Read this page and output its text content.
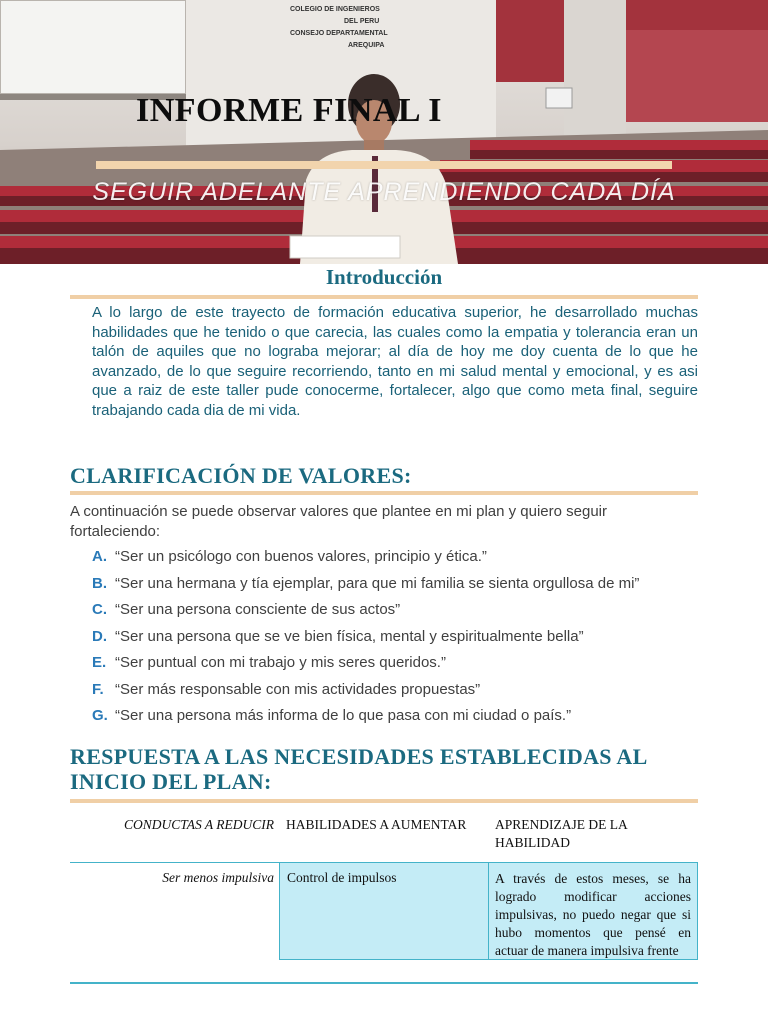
COLEGIO DE INGENIEROS
DEL PERU
CONSEJO DEPARTAMENTAL
AREQUIPA
INFORME FINAL I
SEGUIR ADELANTE APRENDIENDO CADA DÍA
Introducción

A lo largo de este trayecto de formación educativa superior, he desarrollado muchas habilidades que he tenido o que carecia, las cuales como la empatia y tolerancia eran un talón de aquiles que no lograba mejorar; al día de hoy me doy cuenta de lo que he avanzado, de lo que seguire recorriendo, tanto en mi salud mental y emocional, y es asi que a raiz de este taller pude conocerme, fortalecer, algo que como meta final, seguire trabajando cada dia de mi vida.

CLARIFICACIÓN DE VALORES:

A continuación se puede observar valores que plantee en mi plan y quiero seguir fortaleciendo:

A. “Ser un psicólogo con buenos valores, principio y ética.”
B. “Ser una hermana y tía ejemplar, para que mi familia se sienta orgullosa de mi”
C. “Ser una persona consciente de sus actos”
D. “Ser una persona que se ve bien física, mental y espiritualmente bella”
E. “Ser puntual con mi trabajo y mis seres queridos.”
F. “Ser más responsable con mis actividades propuestas”
G. “Ser una persona más informa de lo que pasa con mi ciudad o país.”
RESPUESTA A LAS NECESIDADES ESTABLECIDAS AL
INICIO DEL PLAN:
CONDUCTAS A REDUCIR HABILIDADES A AUMENTAR	APRENDIZAJE DE LA HABILIDAD
Ser menos impulsiva Control de impulsos	A través de estos meses, se ha logrado modificar acciones impulsivas, no puedo negar que si hubo momentos que pensé en actuar de manera impulsiva frente
